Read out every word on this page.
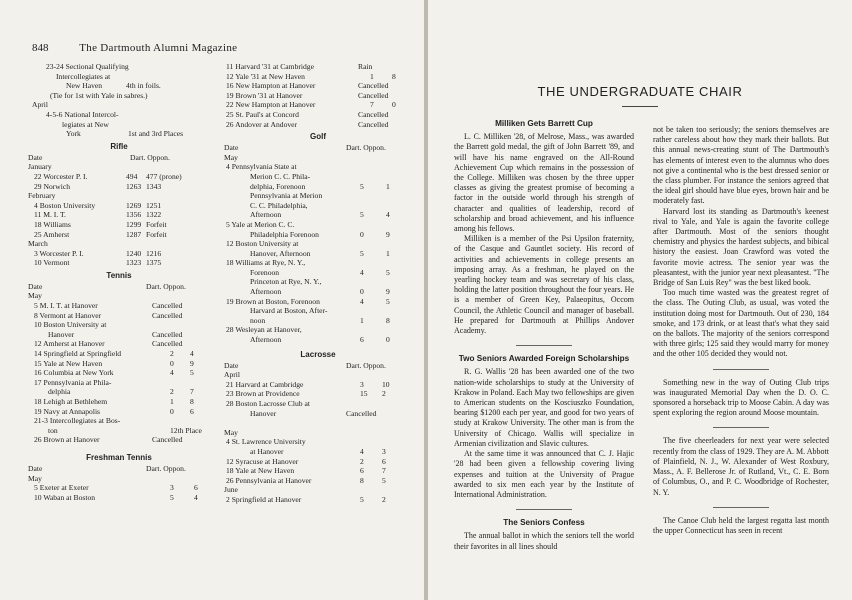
848	The Dartmouth Alumni Magazine
23-24 Sectional Qualifying
Intercollegiates at
New Haven	4th in foils.
(Tie for 1st with Yale in sabres.)
April
4-5-6 National Intercol-
legiates at New
York	1st and 3rd Places
Rifle
Date	Dart. Oppon.
January
22 Worcester P. I.	494 477 (prone)
29 Norwich	1263 1343
February
4 Boston University	1269 1251
11 M. I. T.	1356 1322
18 Williams	1299 Forfeit
25 Amherst	1287 Forfeit
March
3 Worcester P. I.	1240 1216
10 Vermont	1323 1375
Tennis
Date	Dart. Oppon.
May
5 M. I. T. at Hanover	Cancelled
8 Vermont at Hanover	Cancelled
10 Boston University at
Hanover	Cancelled
12 Amherst at Hanover	Cancelled
14 Springfield at Springfield	2 4
15 Yale at New Haven	0 9
16 Columbia at New York	4 5
17 Pennsylvania at Phila-
delphia	2 7
18 Lehigh at Bethlehem	1 8
19 Navy at Annapolis	0 6
21-3 Intercollegiates at Bos-
ton	12th Place
26 Brown at Hanover	Cancelled
Freshman Tennis
Date	Dart. Oppon.
May
5 Exeter at Exeter	3	6
10 Waban at Boston	5	4
11 Harvard '31 at Cambridge	Rain
12 Yale '31 at New Haven	1 8
16 New Hampton at Hanover	Cancelled
19 Brown '31 at Hanover	Cancelled
22 New Hampton at Hanover	7 0
25 St. Paul's at Concord	Cancelled
26 Andover at Andover	Cancelled
Golf
Date	Dart. Oppon.
May
4 Pennsylvania State at
Merion C. C. Phila-
delphia, Forenoon	5	1
Pennsylvania at Merion
C. C. Philadelphia,
Afternoon	5	4
5 Yale at Merion C. C.
Philadelphia Forenoon	0	9
12 Boston University at
Hanover, Afternoon	5	1
18 Williams at Rye, N. Y.,
Forenoon	4	5
Princeton at Rye, N. Y.,
Afternoon	0	9
19 Brown at Boston, Forenoon	4	5
Harvard at Boston, After-
noon	1	8
28 Wesleyan at Hanover,
Afternoon	6	0
Lacrosse
Date	Dart. Oppon.
April
21 Harvard at Cambridge	3 10
23 Brown at Providence	15 2
28 Boston Lacrosse Club at
Hanover	Cancelled
May
4 St. Lawrence University
at Hanover	4 3
12 Syracuse at Hanover	2 6
18 Yale at New Haven	6 7
26 Pennsylvania at Hanover	8 5
June
2 Springfield at Hanover	5 2
THE UNDERGRADUATE CHAIR
Milliken Gets Barrett Cup

L. C. Milliken '28, of Melrose, Mass., was awarded the Barrett gold medal, the gift of John Barrett '89, and will have his name engraved on the All-Round Achievement Cup which remains in the possession of the College. Milliken was chosen by the three upper classes as giving the greatest promise of becoming a factor in the outside world through his strength of character and qualities of leadership, record of scholarship and broad achievement, and his influence among his fellows.

Milliken is a member of the Psi Upsilon fraternity, of the Casque and Gauntlet society. His record of activities and achievements in college presents an imposing array. As a freshman, he played on the yearling hockey team and was secretary of his class, holding the latter position throughout the four years. He is a member of Green Key, Palaeopitus, Occom Council, the Athletic Council and manager of baseball. He prepared for Dartmouth at Phillips Andover Academy.

Two Seniors Awarded Foreign Scholarships

R. G. Wallis '28 has been awarded one of the two nation-wide scholarships to study at the University of Krakow in Poland. Each May two fellowships are given to American students on the Kosciuszko Foundation, bearing $1200 each per year, and good for two years of study at Krakow University. The other man is from the University of Chicago. Wallis will specialize in Armenian civilization and Slavic cultures.

At the same time it was announced that C. J. Hajic '28 had been given a fellowship covering living expenses and tuition at the University of Prague awarded to six men each year by the Institute of International Administration.

The Seniors Confess

The annual ballot in which the seniors tell the world their favorites in all lines should

not be taken too seriously; the seniors themselves are rather careless about how they mark their ballots. But this annual news-creating stunt of The Dartmouth's has elements of interest even to the alumnus who does not give a continental who is the best dressed senior or the class plumber. For instance the seniors agreed that the ideal girl should have blue eyes, brown hair and be moderately fast.

Harvard lost its standing as Dartmouth's keenest rival to Yale, and Yale is again the favorite college after Dartmouth. Most of the seniors thought chemistry and physics the hardest subjects, and bibical history the easiest. Joan Crawford was voted the favorite movie actress. The senior year was the pleasantest, with the junior year next pleasantest. "The Bridge of San Luis Rey" was the best liked book.

Too much time wasted was the greatest regret of the class. The Outing Club, as usual, was voted the institution doing most for Dartmouth. Out of 230, 184 smoke, and 173 drink, or at least that's what they said on the ballots. The majority of the seniors correspond with three girls; 125 said they would marry for money and the other 105 decided they would not.

Something new in the way of Outing Club trips was inaugurated Memorial Day when the D. O. C. sponsored a horseback trip to Moose Cabin. A day was spent exploring the region around Moose mountain.

The five cheerleaders for next year were selected recently from the class of 1929. They are A. M. Abbott of Plainfield, N. J., W. Alexander of West Roxbury, Mass., A. F. Bellerose Jr. of Rutland, Vt., C. E. Born of Columbus, O., and P. C. Woodbridge of Rochester, N. Y.

The Canoe Club held the largest regatta last month the upper Connecticut has seen in recent
